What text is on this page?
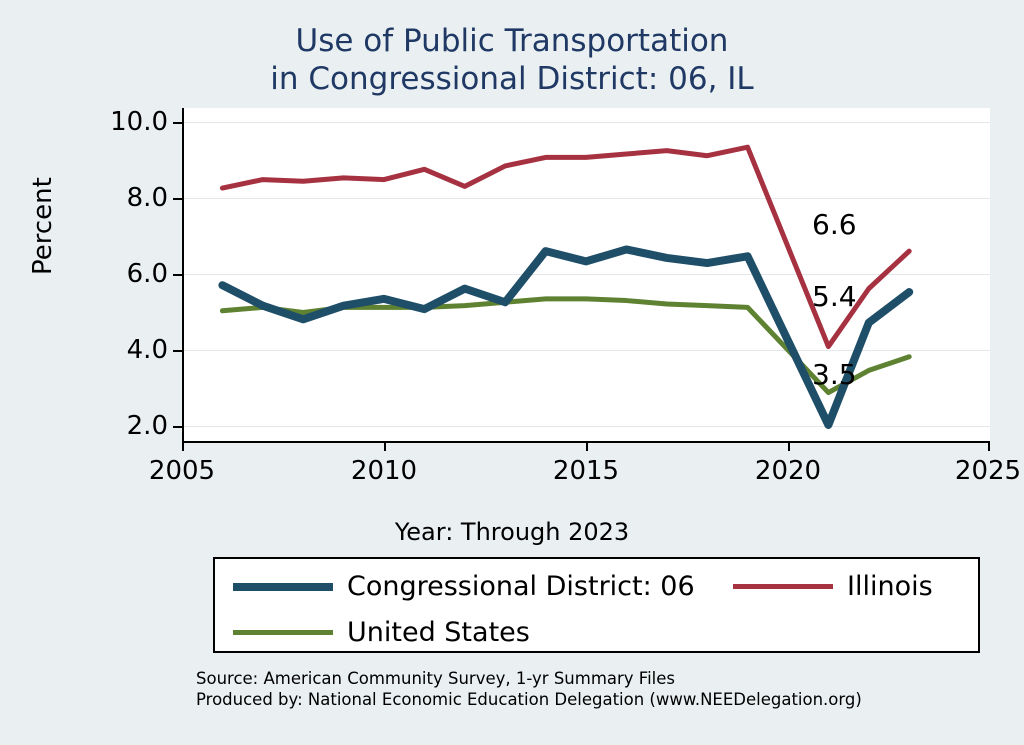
Use of Public Transportation
in Congressional District: 06, IL
Percent
2.0
4.0
6.0
8.0
10.0
2005	2010	2015	2020	2025
6.6
5.4
3.5
Year: Through 2023
Congressional District: 06	Illinois
United States
Source: American Community Survey, 1-yr Summary Files
Produced by: National Economic Education Delegation (www.NEEDelegation.org)
